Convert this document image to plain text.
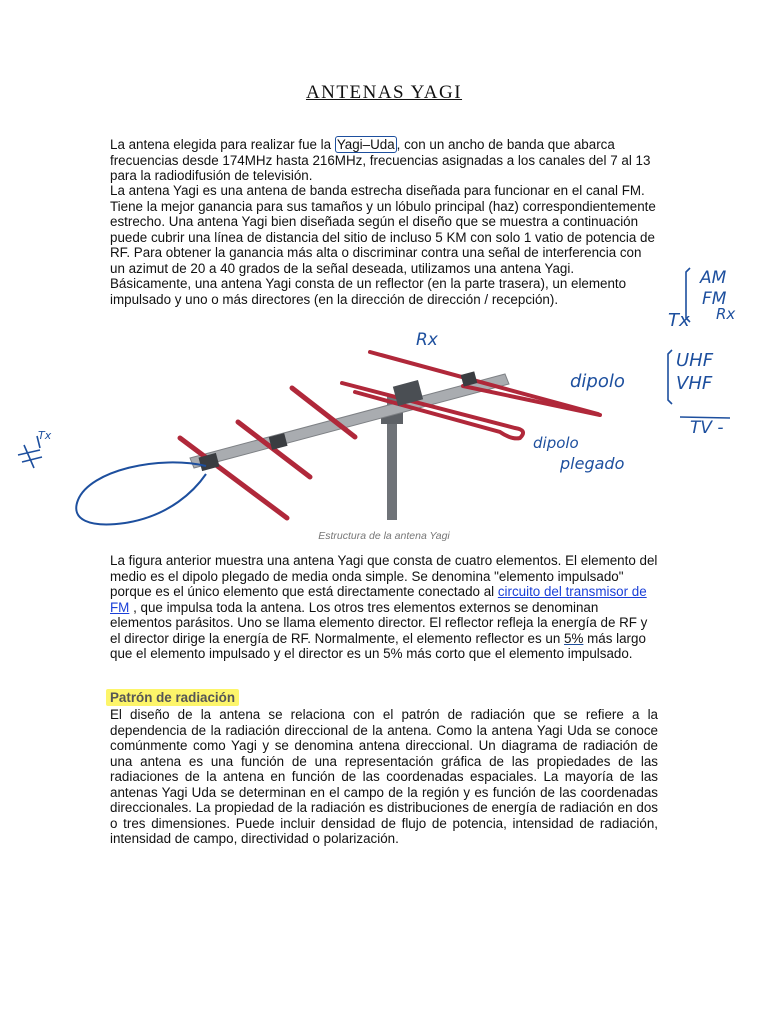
ANTENAS YAGI

La antena elegida para realizar fue la Yagi–Uda , con un ancho de banda que abarca frecuencias desde 174MHz hasta 216MHz, frecuencias asignadas a los canales del 7 al 13 para la radiodifusión de televisión.

La antena Yagi es una antena de banda estrecha diseñada para funcionar en el canal FM. Tiene la mejor ganancia para sus tamaños y un lóbulo principal (haz) correspondientemente estrecho. Una antena Yagi bien diseñada según el diseño que se muestra a continuación puede cubrir una línea de distancia del sitio de incluso 5 KM con solo 1 vatio de potencia de RF. Para obtener la ganancia más alta o discriminar contra una señal de interferencia con un azimut de 20 a 40 grados de la señal deseada, utilizamos una antena Yagi. Básicamente, una antena Yagi consta de un reflector (en la parte trasera), un elemento impulsado y uno o más directores (en la dirección de dirección / recepción).

Rx
Tx
dipolo
dipolo
plegado
AM
FM
Tx Rx
UHF
VHF
TV -
Estructura de la antena Yagi

La figura anterior muestra una antena Yagi que consta de cuatro elementos. El elemento del medio es el dipolo plegado de media onda simple. Se denomina "elemento impulsado" porque es el único elemento que está directamente conectado al circuito del transmisor de FM , que impulsa toda la antena. Los otros tres elementos externos se denominan elementos parásitos. Uno se llama elemento director. El reflector refleja la energía de RF y el director dirige la energía de RF. Normalmente, el elemento reflector es un 5% más largo que el elemento impulsado y el director es un 5% más corto que el elemento impulsado.

Patrón de radiación

El diseño de la antena se relaciona con el patrón de radiación que se refiere a la dependencia de la radiación direccional de la antena. Como la antena Yagi Uda se conoce comúnmente como Yagi y se denomina antena direccional. Un diagrama de radiación de una antena es una función de una representación gráfica de las propiedades de las radiaciones de la antena en función de las coordenadas espaciales. La mayoría de las antenas Yagi Uda se determinan en el campo de la región y es función de las coordenadas direccionales. La propiedad de la radiación es distribuciones de energía de radiación en dos o tres dimensiones. Puede incluir densidad de flujo de potencia, intensidad de radiación, intensidad de campo, directividad o polarización.
